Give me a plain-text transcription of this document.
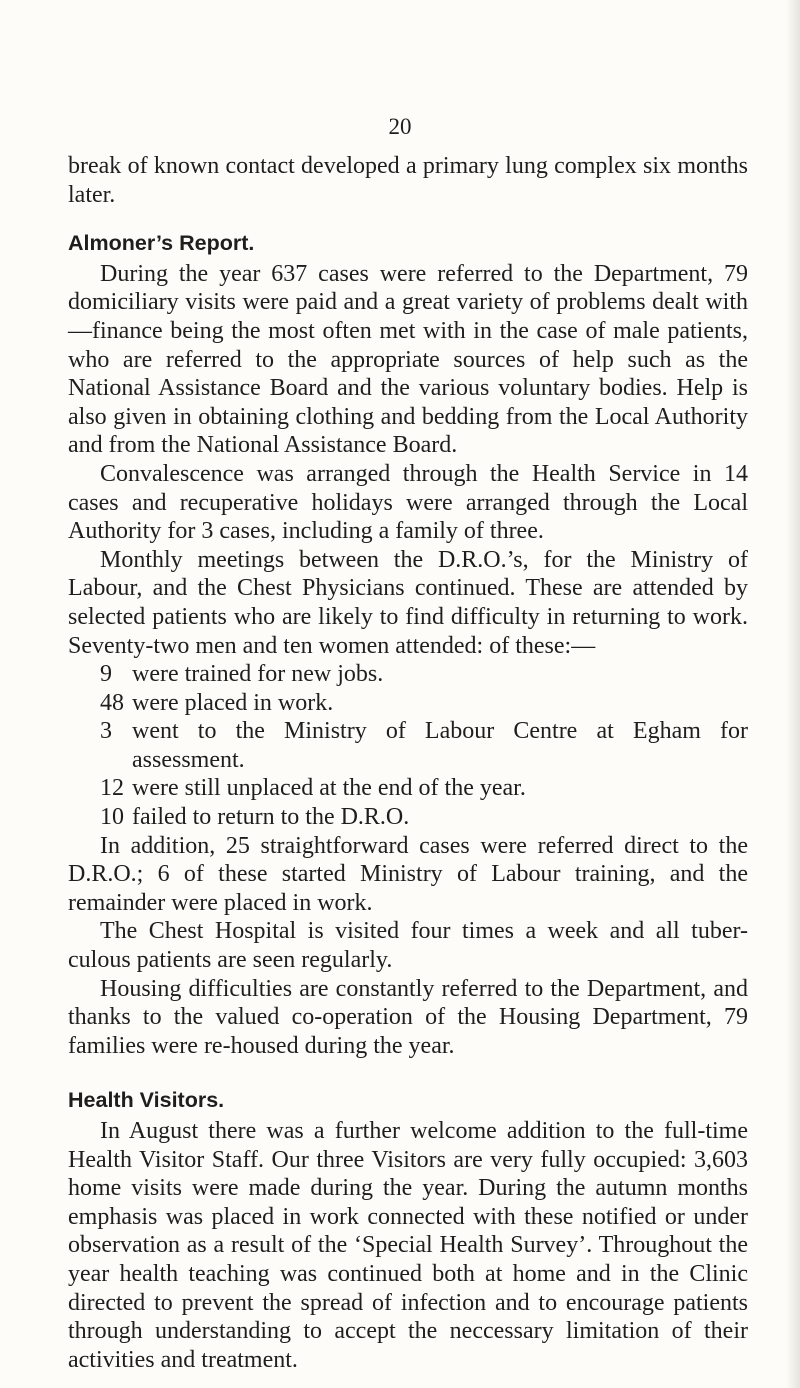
20

break of known contact developed a primary lung complex six months later.

Almoner’s Report.

During the year 637 cases were referred to the Department, 79 domiciliary visits were paid and a great variety of problems dealt with—finance being the most often met with in the case of male patients, who are referred to the appropriate sources of help such as the National Assistance Board and the various voluntary bodies. Help is also given in obtaining clothing and bedding from the Local Authority and from the National Assistance Board.

Convalescence was arranged through the Health Service in 14 cases and recuperative holidays were arranged through the Local Authority for 3 cases, including a family of three.

Monthly meetings between the D.R.O.’s, for the Ministry of Labour, and the Chest Physicians continued. These are attended by selected patients who are likely to find difficulty in returning to work. Seventy-two men and ten women attended: of these:—

9 were trained for new jobs.
48 were placed in work.
3 went to the Ministry of Labour Centre at Egham for assessment.
12 were still unplaced at the end of the year.
10 failed to return to the D.R.O.

In addition, 25 straightforward cases were referred direct to the D.R.O.; 6 of these started Ministry of Labour training, and the remainder were placed in work.

The Chest Hospital is visited four times a week and all tuber- culous patients are seen regularly.

Housing difficulties are constantly referred to the Department, and thanks to the valued co-operation of the Housing Department, 79 families were re-housed during the year.

Health Visitors.

In August there was a further welcome addition to the full-time Health Visitor Staff. Our three Visitors are very fully occupied: 3,603 home visits were made during the year. During the autumn months emphasis was placed in work connected with these notified or under observation as a result of the ‘Special Health Survey’. Throughout the year health teaching was continued both at home and in the Clinic directed to prevent the spread of infection and to encourage patients through understanding to accept the neccessary limitation of their activities and treatment.
